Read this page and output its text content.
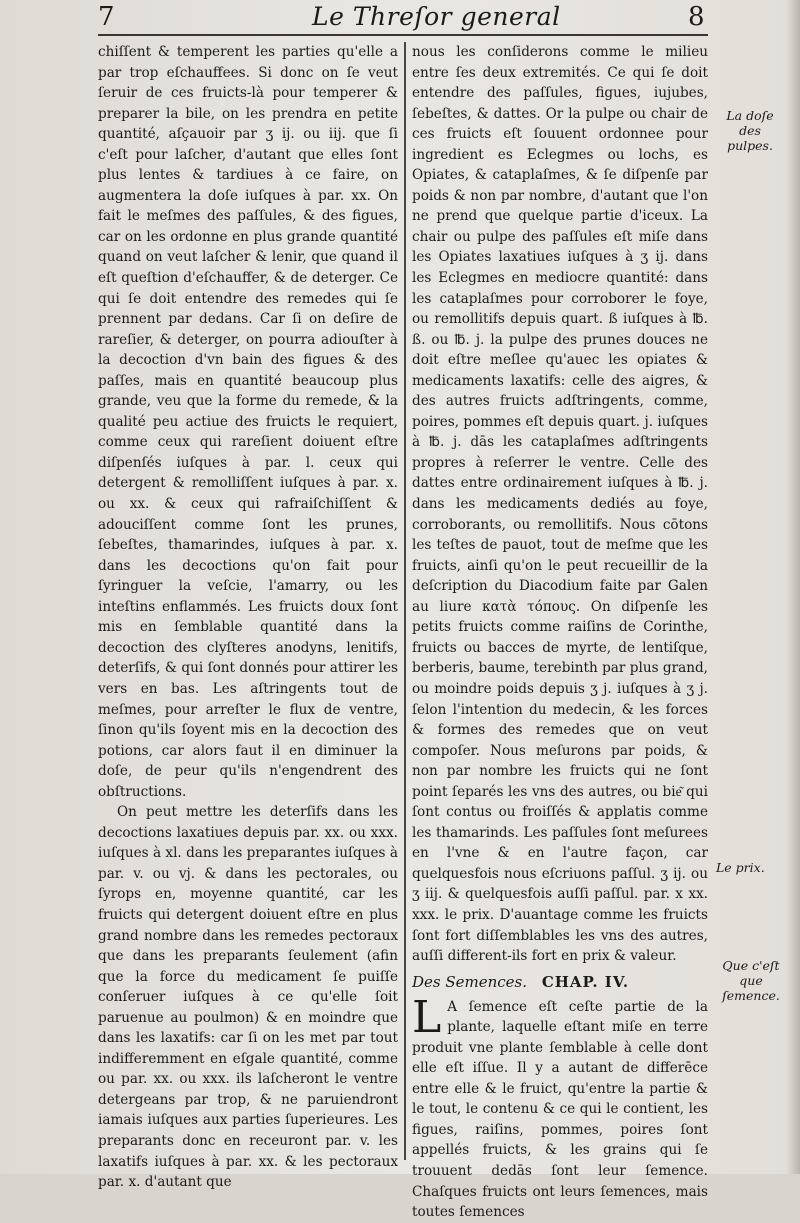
7	Le Threſor general	8

chiſſent & temperent les parties qu'elle a par trop eſchauffees. Si donc on ſe veut ſeruir de ces fruicts-là pour temperer & preparer la bile, on les prendra en petite quantité, aſçauoir par ʒ ij. ou iij. que ſi c'eſt pour laſcher, d'autant que elles ſont plus lentes & tardiues à ce faire, on augmentera la doſe iuſques à par. xx. On fait le meſmes des paſſules, & des figues, car on les ordonne en plus grande quantité quand on veut laſcher & lenir, que quand il eſt queſtion d'eſchauffer, & de deterger. Ce qui ſe doit entendre des remedes qui ſe prennent par dedans. Car ſi on deſire de rareſier, & deterger, on pourra adiouſter à la decoction d'vn bain des figues & des paſſes, mais en quantité beaucoup plus grande, veu que la forme du remede, & la qualité peu actiue des fruicts le requiert, comme ceux qui rareſient doiuent eſtre diſpenſés iuſques à par. l. ceux qui detergent & remolliſſent iuſques à par. x. ou xx. & ceux qui rafraiſchiſſent & adouciſſent comme ſont les prunes, ſebeſtes, thamarindes, iuſques à par. x. dans les decoctions qu'on fait pour ſyringuer la veſcie, l'amarry, ou les inteſtins enflammés. Les fruicts doux ſont mis en ſemblable quantité dans la decoction des clyſteres anodyns, lenitifs, deterſifs, & qui ſont donnés pour attirer les vers en bas. Les aſtringents tout de meſmes, pour arreſter le flux de ventre, ſinon qu'ils ſoyent mis en la decoction des potions, car alors faut il en diminuer la doſe, de peur qu'ils n'engendrent des obſtructions.

On peut mettre les deterſifs dans les decoctions laxatiues depuis par. xx. ou xxx. iuſques à xl. dans les preparantes iuſques à par. v. ou vj. & dans les pectorales, ou ſyrops en, moyenne quantité, car les fruicts qui detergent doiuent eſtre en plus grand nombre dans les remedes pectoraux que dans les preparants ſeulement (afin que la force du medicament ſe puiſſe conſeruer iuſques à ce qu'elle ſoit paruenue au poulmon) & en moindre que dans les laxatifs: car ſi on les met par tout indifferemment en eſgale quantité, comme ou par. xx. ou xxx. ils laſcheront le ventre detergeans par trop, & ne paruiendront iamais iuſques aux parties ſuperieures. Les preparants donc en receuront par. v. les laxatifs iuſques à par. xx. & les pectoraux par. x. d'autant que

nous les conſiderons comme le milieu entre ſes deux extremités. Ce qui ſe doit entendre des paſſules, figues, iujubes, ſebeſtes, & dattes. Or la pulpe ou chair de ces fruicts eſt ſouuent ordonnee pour ingredient es Eclegmes ou lochs, es Opiates, & cataplaſmes, & ſe diſpenſe par poids & non par nombre, d'autant que l'on ne prend que quelque partie d'iceux. La chair ou pulpe des paſſules eſt miſe dans les Opiates laxatiues iuſques à ʒ ij. dans les Eclegmes en mediocre quantité: dans les cataplaſmes pour corroborer le foye, ou remollitifs depuis quart. ß iuſques à ℔. ß. ou ℔. j. la pulpe des prunes douces ne doit eſtre meſlee qu'auec les opiates & medicaments laxatifs: celle des aigres, & des autres fruicts adſtringents, comme, poires, pommes eſt depuis quart. j. iuſques à ℔. j. dās les cataplaſmes adſtringents propres à reſerrer le ventre. Celle des dattes entre ordinairement iuſques à ℔. j. dans les medicaments dediés au foye, corroborants, ou remollitifs. Nous cōtons les teſtes de pauot, tout de meſme que les fruicts, ainſi qu'on le peut recueillir de la deſcription du Diacodium faite par Galen au liure κατὰ τόπους. On diſpenſe les petits fruicts comme raiſins de Corinthe, fruicts ou bacces de myrte, de lentiſque, berberis, baume, terebinth par plus grand, ou moindre poids depuis ʒ j. iuſques à ʒ j. ſelon l'intention du medecin, & les forces & formes des remedes que on veut compoſer. Nous meſurons par poids, & non par nombre les fruicts qui ne ſont point ſeparés les vns des autres, ou bie͂ qui ſont contus ou froiſſés & applatis comme les thamarinds. Les paſſules ſont meſurees en l'vne & en l'autre façon, car quelquesfois nous eſcriuons paſſul. ʒ ij. ou ʒ iij. & quelquesfois auſſi paſſul. par. x xx. xxx. le prix. D'auantage comme les fruicts ſont fort diſſemblables les vns des autres, auſſi different-ils fort en prix & valeur.

Des Semences. CHAP. IV.
L A ſemence eſt ceſte partie de la plante, laquelle eſtant miſe en terre produit vne plante ſemblable à celle dont elle eſt iſſue. Il y a autant de differēce entre elle & le fruict, qu'entre la partie & le tout, le contenu & ce qui le contient, les figues, raiſins, pommes, poires ſont appellés fruicts, & les grains qui ſe trouuent dedās ſont leur ſemence. Chaſques fruicts ont leurs ſemences, mais toutes ſemences
La doſe des pulpes.
Le prix.
Que c'eſt que ſemence.
